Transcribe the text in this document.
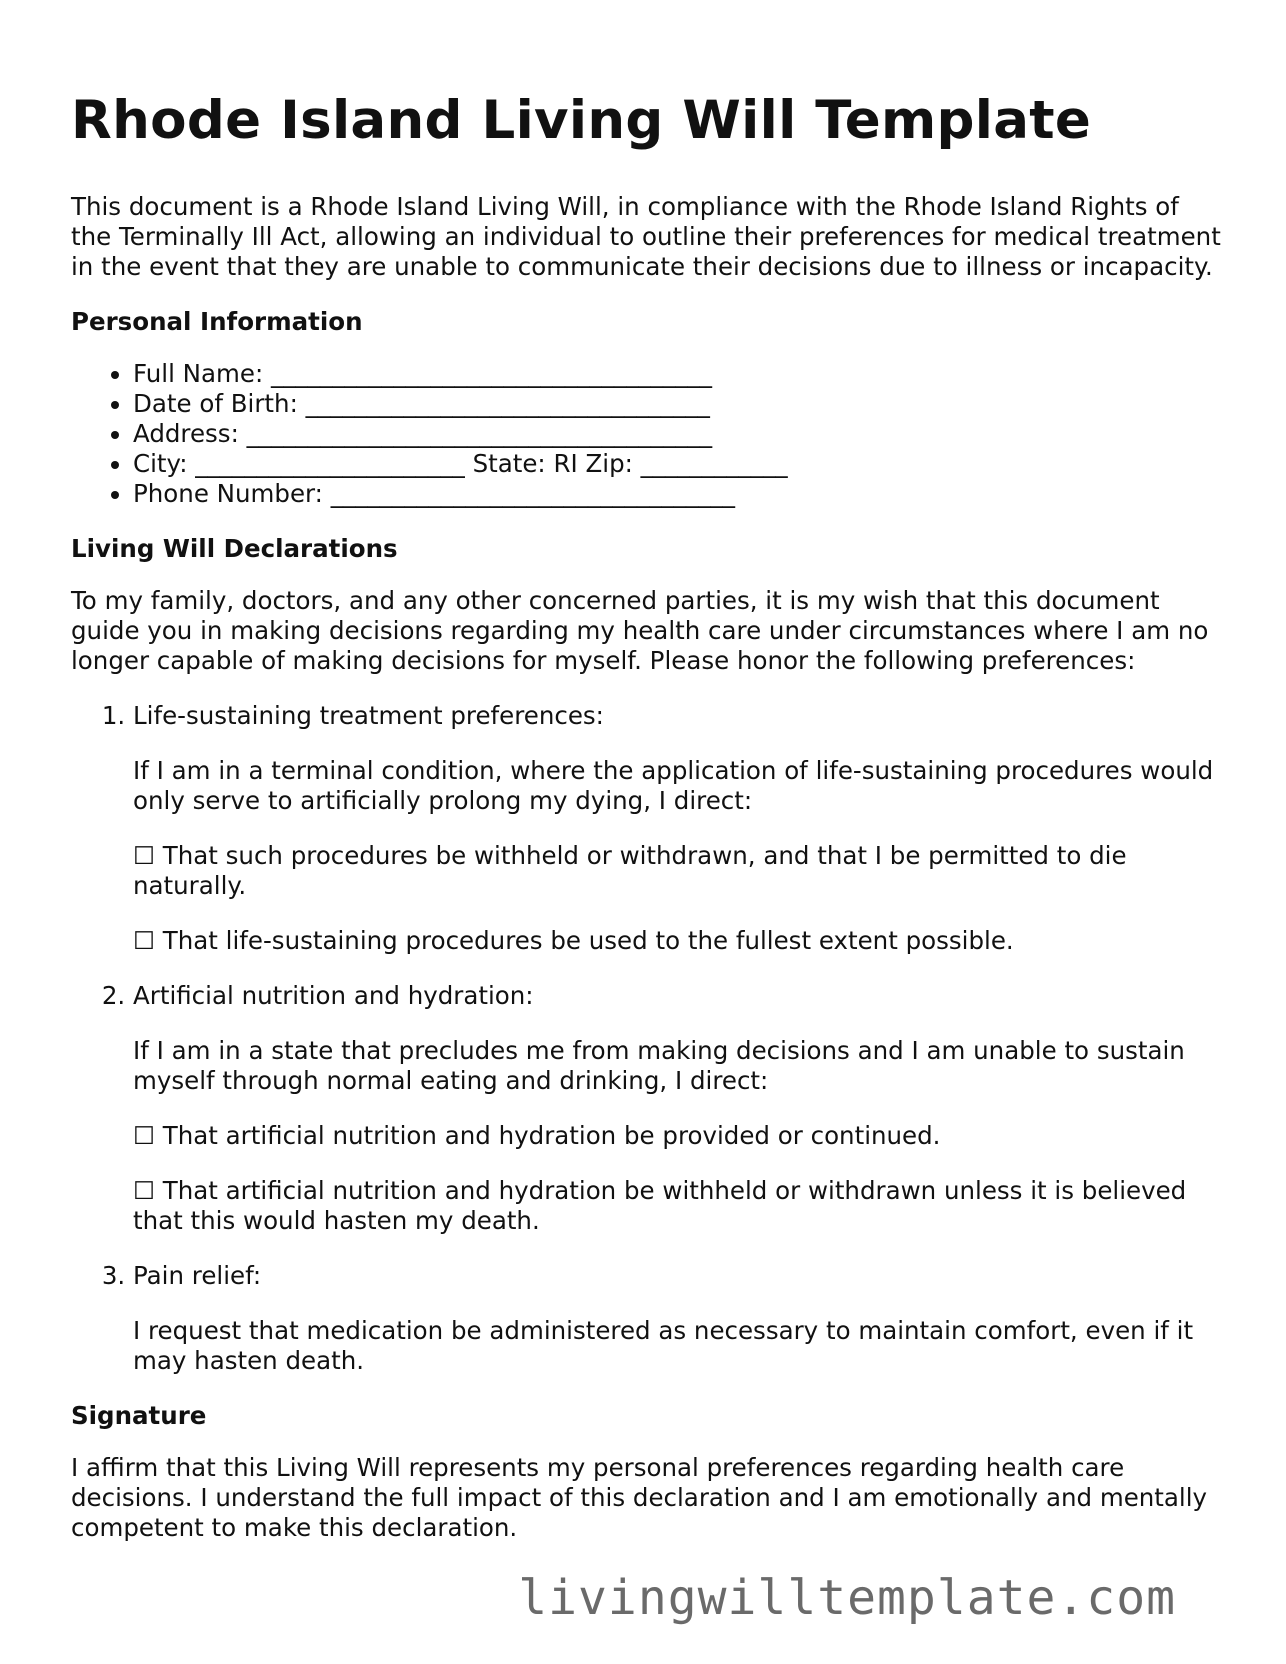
Rhode Island Living Will Template

This document is a Rhode Island Living Will, in compliance with the Rhode Island Rights of the Terminally Ill Act, allowing an individual to outline their preferences for medical treatment in the event that they are unable to communicate their decisions due to illness or incapacity.

Personal Information
• Full Name: ____________________________________
• Date of Birth: _________________________________
• Address: ______________________________________
• City: ______________________ State: RI Zip: ____________
• Phone Number: _________________________________
Living Will Declarations

To my family, doctors, and any other concerned parties, it is my wish that this document guide you in making decisions regarding my health care under circumstances where I am no longer capable of making decisions for myself. Please honor the following preferences:

1. Life-sustaining treatment preferences:
If I am in a terminal condition, where the application of life-sustaining procedures would only serve to artificially prolong my dying, I direct:
☐ That such procedures be withheld or withdrawn, and that I be permitted to die naturally.
☐ That life-sustaining procedures be used to the fullest extent possible.
2. Artificial nutrition and hydration:
If I am in a state that precludes me from making decisions and I am unable to sustain myself through normal eating and drinking, I direct:
☐ That artificial nutrition and hydration be provided or continued.
☐ That artificial nutrition and hydration be withheld or withdrawn unless it is believed that this would hasten my death.
3. Pain relief:
I request that medication be administered as necessary to maintain comfort, even if it may hasten death.
Signature

I affirm that this Living Will represents my personal preferences regarding health care decisions. I understand the full impact of this declaration and I am emotionally and mentally competent to make this declaration.

livingwilltemplate.com
